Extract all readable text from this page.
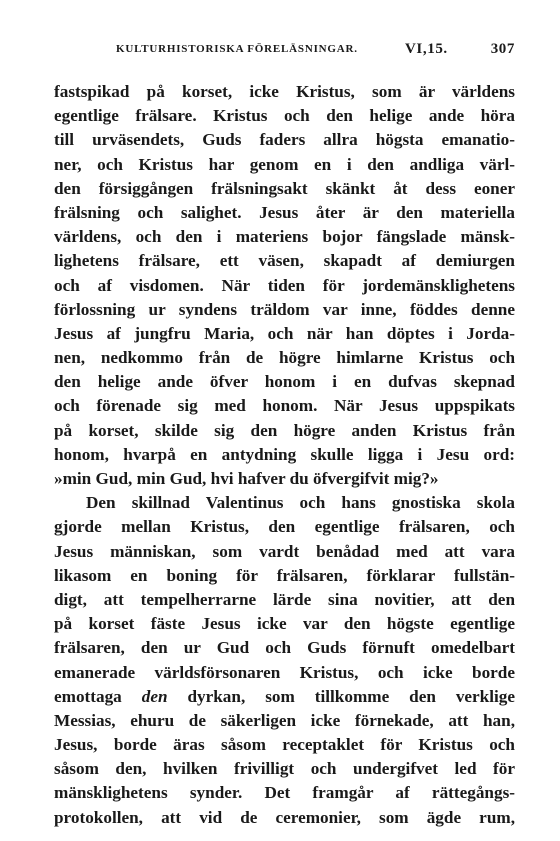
KULTURHISTORISKA FÖRELÄSNINGAR.	VI,15.	307
fastspikad på korset, icke Kristus, som är världens
egentlige frälsare. Kristus och den helige ande höra
till urväsendets, Guds faders allra högsta emanatio-
ner, och Kristus har genom en i den andliga värl-
den försiggången frälsningsakt skänkt åt dess eoner
frälsning och salighet. Jesus åter är den materiella
världens, och den i materiens bojor fängslade mänsk-
lighetens frälsare, ett väsen, skapadt af demiurgen
och af visdomen. När tiden för jordemänsklighetens
förlossning ur syndens träldom var inne, föddes denne
Jesus af jungfru Maria, och när han döptes i Jorda-
nen, nedkommo från de högre himlarne Kristus och
den helige ande öfver honom i en dufvas skepnad
och förenade sig med honom. När Jesus uppspikats
på korset, skilde sig den högre anden Kristus från
honom, hvarpå en antydning skulle ligga i Jesu ord:
»min Gud, min Gud, hvi hafver du öfvergifvit mig?»
Den skillnad Valentinus och hans gnostiska skola
gjorde mellan Kristus, den egentlige frälsaren, och
Jesus människan, som vardt benådad med att vara
likasom en boning för frälsaren, förklarar fullstän-
digt, att tempelherrarne lärde sina novitier, att den
på korset fäste Jesus icke var den högste egentlige
frälsaren, den ur Gud och Guds förnuft omedelbart
emanerade världsförsonaren Kristus, och icke borde
emottaga den dyrkan, som tillkomme den verklige
Messias, ehuru de säkerligen icke förnekade, att han,
Jesus, borde äras såsom receptaklet för Kristus och
såsom den, hvilken frivilligt och undergifvet led för
mänsklighetens synder. Det framgår af rättegångs-
protokollen, att vid de ceremonier, som ägde rum,
